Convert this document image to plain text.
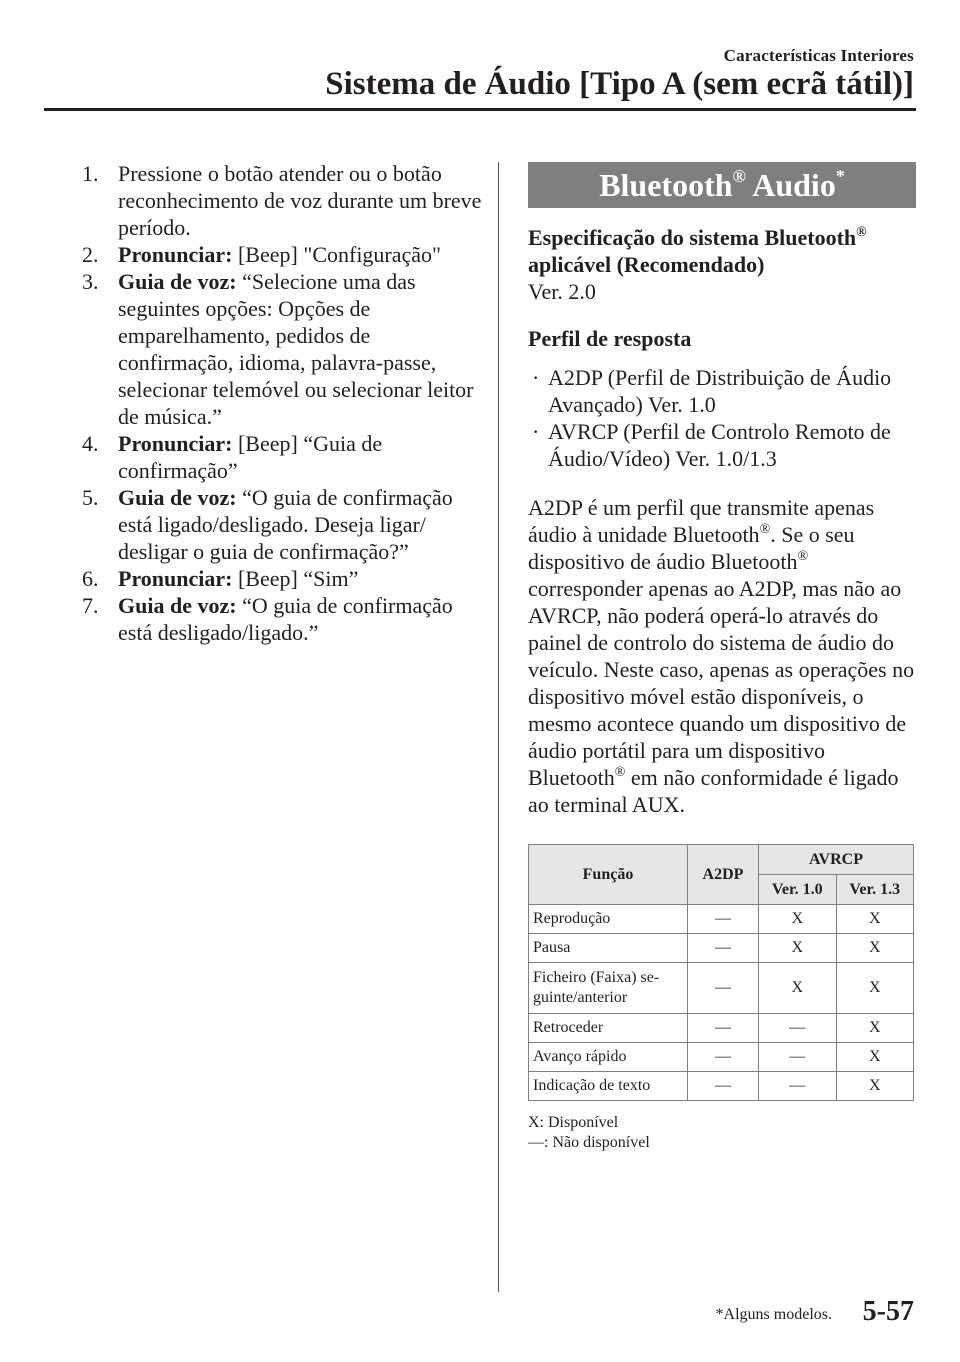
Características Interiores
Sistema de Áudio [Tipo A (sem ecrã tátil)]
1. Pressione o botão atender ou o botão reconhecimento de voz durante um breve período.
2. Pronunciar: [Beep] "Configuração"
3. Guia de voz: “Selecione uma das seguintes opções: Opções de emparelhamento, pedidos de confirmação, idioma, palavra-passe, selecionar telemóvel ou selecionar leitor de música.”
4. Pronunciar: [Beep] “Guia de confirmação”
5. Guia de voz: “O guia de confirmação está ligado/desligado. Deseja ligar/ desligar o guia de confirmação?”
6. Pronunciar: [Beep] “Sim”
7. Guia de voz: “O guia de confirmação está desligado/ligado.”
Bluetooth® Audio*
Especificação do sistema Bluetooth®
aplicável (Recomendado)
Ver. 2.0
Perfil de resposta
· A2DP (Perfil de Distribuição de Áudio Avançado) Ver. 1.0
· AVRCP (Perfil de Controlo Remoto de Áudio/Vídeo) Ver. 1.0/1.3
A2DP é um perfil que transmite apenas áudio à unidade Bluetooth®. Se o seu dispositivo de áudio Bluetooth® corresponder apenas ao A2DP, mas não ao AVRCP, não poderá operá-lo através do painel de controlo do sistema de áudio do veículo. Neste caso, apenas as operações no dispositivo móvel estão disponíveis, o mesmo acontece quando um dispositivo de áudio portátil para um dispositivo Bluetooth® em não conformidade é ligado ao terminal AUX.
Função	A2DP	AVRCP	
		Ver. 1.0	Ver. 1.3
Reprodução	—	X	X
Pausa	—	X	X
Ficheiro (Faixa) se-guinte/anterior	—	X	X
Retroceder	—	—	X
Avanço rápido	—	—	X
Indicação de texto	—	—	X
X: Disponível
—: Não disponível
*Alguns modelos. 5-57
